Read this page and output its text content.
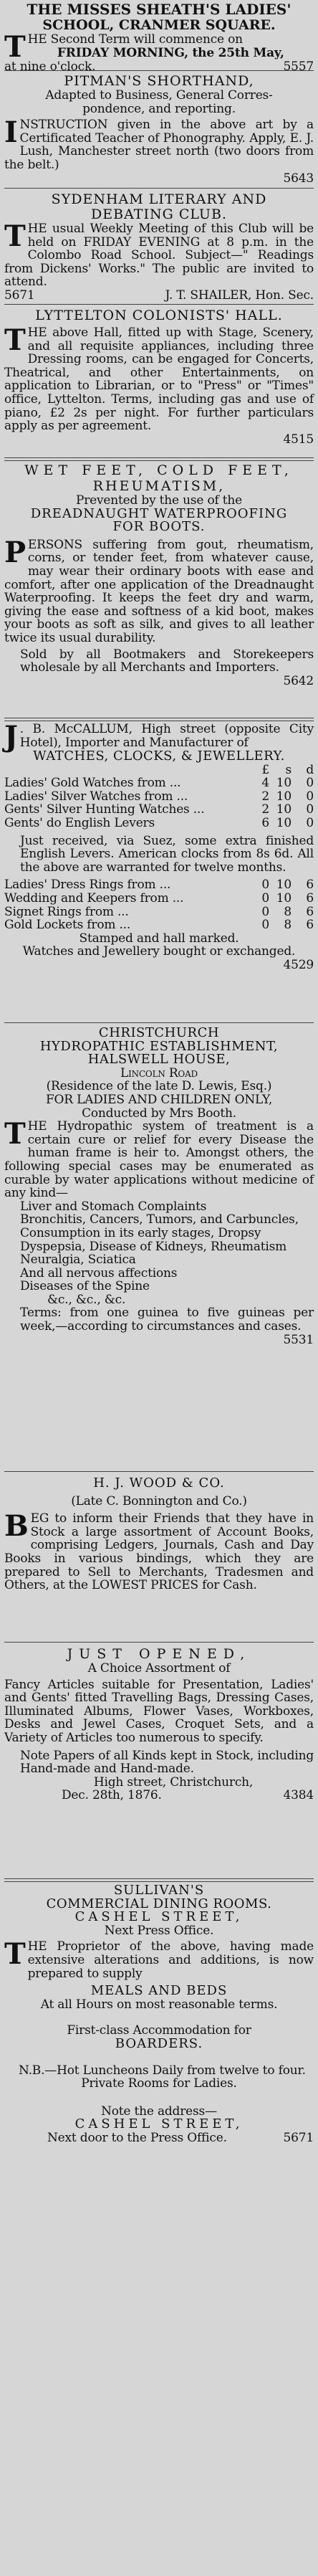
THE MISSES SHEATH'S LADIES'

SCHOOL, CRANMER SQUARE.

THE Second Term will commence on

FRIDAY MORNING, the 25th May,

at nine o'clock.	5557

PITMAN'S SHORTHAND,

Adapted to Business, General Corres-

pondence, and reporting.

INSTRUCTION given in the above art by a Certificated Teacher of Phonography. Apply, E. J. Lush, Manchester street north (two doors from the belt.)

5643

SYDENHAM LITERARY AND

DEBATING CLUB.

THE usual Weekly Meeting of this Club will be held on FRIDAY EVENING at 8 p.m. in the Colombo Road School. Subject—" Readings from Dickens' Works." The public are invited to attend.

5671	J. T. SHAILER, Hon. Sec.

LYTTELTON COLONISTS' HALL.

THE above Hall, fitted up with Stage, Scenery, and all requisite appliances, including three Dressing rooms, can be engaged for Concerts, Theatrical, and other Entertainments, on application to Librarian, or to "Press" or "Times" office, Lyttelton. Terms, including gas and use of piano, £2 2s per night. For further particulars apply as per agreement.

4515

WET FEET, COLD FEET,

RHEUMATISM,

Prevented by the use of the

DREADNAUGHT WATERPROOFING

FOR BOOTS.

PERSONS suffering from gout, rheumatism, corns, or tender feet, from whatever cause, may wear their ordinary boots with ease and comfort, after one application of the Dreadnaught Waterproofing. It keeps the feet dry and warm, giving the ease and softness of a kid boot, makes your boots as soft as silk, and gives to all leather twice its usual durability.

Sold by all Bootmakers and Storekeepers wholesale by all Merchants and Importers.

5642

J . B. McCALLUM, High street (opposite City Hotel), Importer and Manufacturer of

WATCHES, CLOCKS, & JEWELLERY.

£	s	d
Ladies' Gold Watches from ...	4 10	0
Ladies' Silver Watches from ...	2 10	0
Gents' Silver Hunting Watches ...	2 10	0
Gents' do English Levers	6 10	0

Just received, via Suez, some extra finished English Levers. American clocks from 8s 6d. All the above are warranted for twelve months.

Ladies' Dress Rings from ...	0 10	6
Wedding and Keepers from ...	0 10	6
Signet Rings from ...	0	8	6
Gold Lockets from ...	0	8	6

Stamped and hall marked.

Watches and Jewellery bought or exchanged.

4529

CHRISTCHURCH

HYDROPATHIC ESTABLISHMENT,

HALSWELL HOUSE,

Lincoln Road

(Residence of the late D. Lewis, Esq.)

FOR LADIES AND CHILDREN ONLY,

Conducted by Mrs Booth.

THE Hydropathic system of treatment is a certain cure or relief for every Disease the human frame is heir to. Amongst others, the following special cases may be enumerated as curable by water applications without medicine of any kind—

Liver and Stomach Complaints

Bronchitis, Cancers, Tumors, and Carbuncles,

Consumption in its early stages, Dropsy

Dyspepsia, Disease of Kidneys, Rheumatism

Neuralgia, Sciatica

And all nervous affections

Diseases of the Spine

&c., &c., &c.

Terms: from one guinea to five guineas per week,—according to circumstances and cases.

5531

H. J. WOOD & CO.

(Late C. Bonnington and Co.)

BEG to inform their Friends that they have in Stock a large assortment of Account Books, comprising Ledgers, Journals, Cash and Day Books in various bindings, which they are prepared to Sell to Merchants, Tradesmen and Others, at the LOWEST PRICES for Cash.

JUST OPENED,

A Choice Assortment of

Fancy Articles suitable for Presentation, Ladies' and Gents' fitted Travelling Bags, Dressing Cases, Illuminated Albums, Flower Vases, Workboxes, Desks and Jewel Cases, Croquet Sets, and a Variety of Articles too numerous to specify.

Note Papers of all Kinds kept in Stock, including Hand-made and Hand-made.

High street, Christchurch,

Dec. 28th, 1876.	4384

SULLIVAN'S

COMMERCIAL DINING ROOMS.

CASHEL STREET,

Next Press Office.

THE Proprietor of the above, having made extensive alterations and additions, is now prepared to supply

MEALS AND BEDS

At all Hours on most reasonable terms.

First-class Accommodation for

BOARDERS.

N.B.—Hot Luncheons Daily from twelve to four.

Private Rooms for Ladies.

Note the address—

CASHEL STREET,

Next door to the Press Office.	5671
